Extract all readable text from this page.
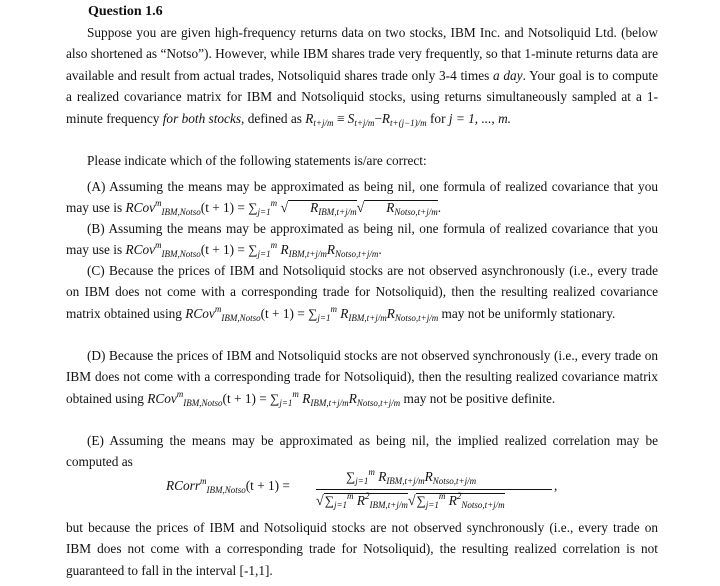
Question 1.6
Suppose you are given high-frequency returns data on two stocks, IBM Inc. and Notsoliquid Ltd. (below also shortened as “Notso”). However, while IBM shares trade very frequently, so that 1-minute returns data are available and result from actual trades, Notsoliquid shares trade only 3-4 times a day. Your goal is to compute a realized covariance matrix for IBM and Notsoliquid stocks, using returns simultaneously sampled at a 1-minute frequency for both stocks, defined as $R_{t+j/m} \equiv S_{t+j/m}-R_{t+(j-1)/m}$ for j = 1, ..., m.
Please indicate which of the following statements is/are correct:
(A) Assuming the means may be approximated as being nil, one formula of realized covariance that you may use is RCov$^m_{IBM,Notso}$(t + $1) = \sum_{j=1}^m$ √ $R_{IBM,t+j/m}√$ $R_{Notso,t+j/m}$.
(B) Assuming the means may be approximated as being nil, one formula of realized covariance that you may use is RCov$^m_{IBM,Notso}$(t + $1) = \sum_{j=1}^m$ $R_{IBM,t+j/m}R_{Notso,t+j/m}$.
(C) Because the prices of IBM and Notsoliquid stocks are not observed asynchronously (i.e., every trade on IBM does not come with a corresponding trade for Notsoliquid), then the resulting realized covariance matrix obtained using RCov$^m_{IBM,Notso}$(t + $1) = \sum_{j=1}^m$ $R_{IBM,t+j/m}R_{Notso,t+j/m}$ may not be uniformly stationary.
(D) Because the prices of IBM and Notsoliquid stocks are not observed synchronously (i.e., every trade on IBM does not come with a corresponding trade for Notsoliquid), then the resulting realized covariance matrix obtained using RCov$^m_{IBM,Notso}$(t + $1) = \sum_{j=1}^m$ $R_{IBM,t+j/m}R_{Notso,t+j/m}$ may not be positive definite.
(E) Assuming the means may be approximated as being nil, the implied realized correlation may be computed as
RCorr$^m_{IBM,Notso}$(t + 1) =
$\sum_{j=1}^m$ $R_{IBM,t+j/m}R_{Notso,t+j/m}$
$√\sum_{j=1}^m$ $R^2_{IBM,t+j/m}√\sum_{j=1}^m$ $R^2_{Notso,t+j/m}$
,
but because the prices of IBM and Notsoliquid stocks are not observed synchronously (i.e., every trade on IBM does not come with a corresponding trade for Notsoliquid), the resulting realized correlation is not guaranteed to fall in the interval [-1,1].
